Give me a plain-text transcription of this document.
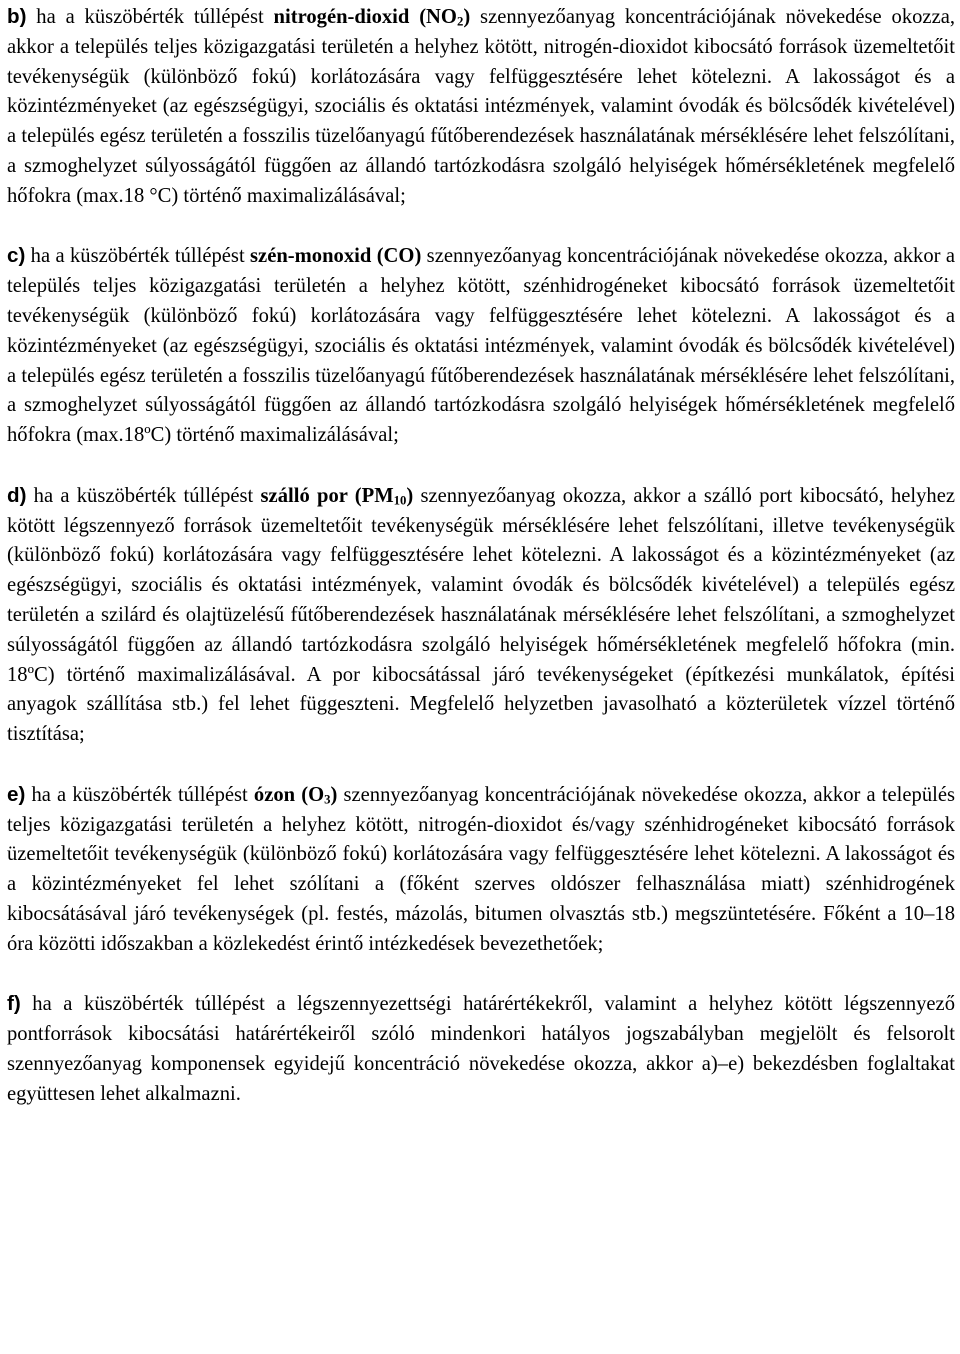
b) ha a küszöbérték túllépést nitrogén-dioxid $(NO_2)$ szennyezőanyag koncentrációjának növekedése okozza, akkor a település teljes közigazgatási területén a helyhez kötött, nitrogén-dioxidot kibocsátó források üzemeltetőit tevékenységük (különböző fokú) korlátozására vagy felfüggesztésére lehet kötelezni. A lakosságot és a közintézményeket (az egészségügyi, szociális és oktatási intézmények, valamint óvodák és bölcsődék kivételével) a település egész területén a fosszilis tüzelőanyagú fűtőberendezések használatának mérséklésére lehet felszólítani, a szmoghelyzet súlyosságától függően az állandó tartózkodásra szolgáló helyiségek hőmérsékletének megfelelő hőfokra (max.18 °C) történő maximalizálásával;

c) ha a küszöbérték túllépést szén-monoxid (CO) szennyezőanyag koncentrációjának növekedése okozza, akkor a település teljes közigazgatási területén a helyhez kötött, szénhidrogéneket kibocsátó források üzemeltetőit tevékenységük (különböző fokú) korlátozására vagy felfüggesztésére lehet kötelezni. A lakosságot és a közintézményeket (az egészségügyi, szociális és oktatási intézmények, valamint óvodák és bölcsődék kivételével) a település egész területén a fosszilis tüzelőanyagú fűtőberendezések használatának mérséklésére lehet felszólítani, a szmoghelyzet súlyosságától függően az állandó tartózkodásra szolgáló helyiségek hőmérsékletének megfelelő hőfokra (max.18ºC) történő maximalizálásával;

d) ha a küszöbérték túllépést szálló por $(PM_{10})$ szennyezőanyag okozza, akkor a szálló port kibocsátó, helyhez kötött légszennyező források üzemeltetőit tevékenységük mérséklésére lehet felszólítani, illetve tevékenységük (különböző fokú) korlátozására vagy felfüggesztésére lehet kötelezni. A lakosságot és a közintézményeket (az egészségügyi, szociális és oktatási intézmények, valamint óvodák és bölcsődék kivételével) a település egész területén a szilárd és olajtüzelésű fűtőberendezések használatának mérséklésére lehet felszólítani, a szmoghelyzet súlyosságától függően az állandó tartózkodásra szolgáló helyiségek hőmérsékletének megfelelő hőfokra (min. 18ºC) történő maximalizálásával. A por kibocsátással járó tevékenységeket (építkezési munkálatok, építési anyagok szállítása stb.) fel lehet függeszteni. Megfelelő helyzetben javasolható a közterületek vízzel történő tisztítása;

e) ha a küszöbérték túllépést ózon $(O_3)$ szennyezőanyag koncentrációjának növekedése okozza, akkor a település teljes közigazgatási területén a helyhez kötött, nitrogén-dioxidot és/vagy szénhidrogéneket kibocsátó források üzemeltetőit tevékenységük (különböző fokú) korlátozására vagy felfüggesztésére lehet kötelezni. A lakosságot és a közintézményeket fel lehet szólítani a (főként szerves oldószer felhasználása miatt) szénhidrogének kibocsátásával járó tevékenységek (pl. festés, mázolás, bitumen olvasztás stb.) megszüntetésére. Főként a 10–18 óra közötti időszakban a közlekedést érintő intézkedések bevezethetőek;

f) ha a küszöbérték túllépést a légszennyezettségi határértékekről, valamint a helyhez kötött légszennyező pontforrások kibocsátási határértékeiről szóló mindenkori hatályos jogszabályban megjelölt és felsorolt szennyezőanyag komponensek egyidejű koncentráció növekedése okozza, akkor a)–e) bekezdésben foglaltakat együttesen lehet alkalmazni.
